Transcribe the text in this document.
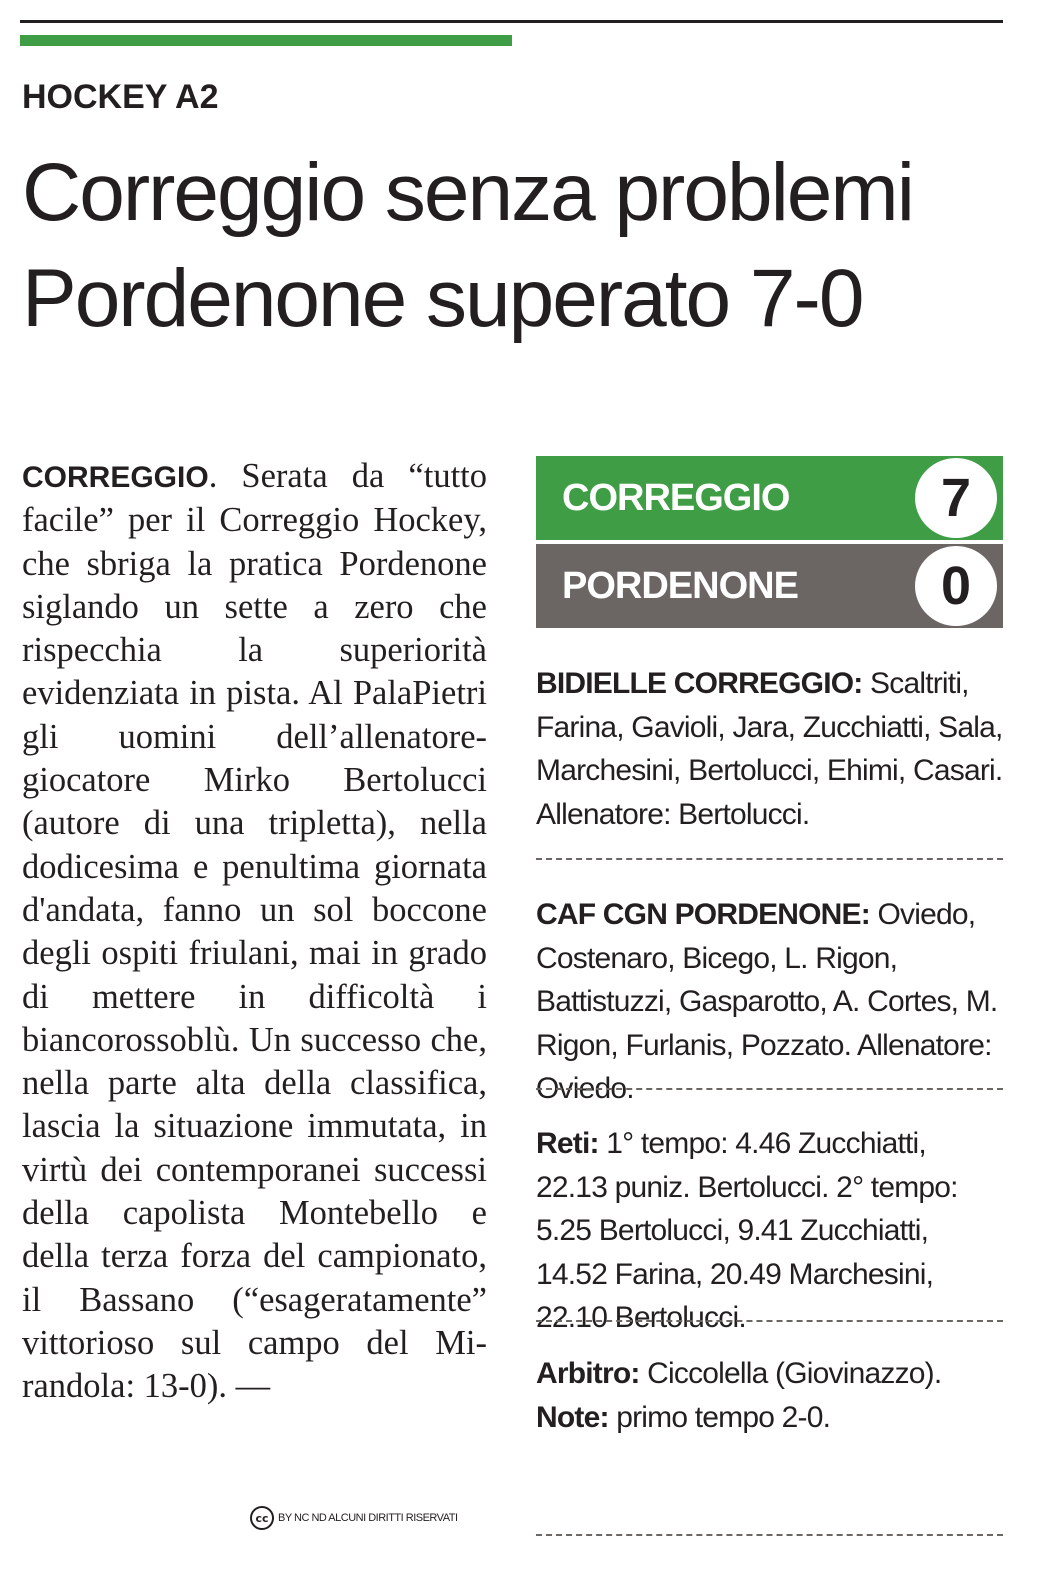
HOCKEY A2
Correggio senza problemi
Pordenone superato 7-0
CORREGGIO. Serata da “tutto facile” per il Correggio Hockey, che sbriga la pratica Pordenone siglando un sette a zero che rispecchia la superiorità evidenziata in pista. Al PalaPietri gli uomini dell’allenatore-giocatore Mirko Bertolucci (autore di una tripletta), nella dodicesima e penultima giornata d'andata, fanno un sol boccone degli ospiti friulani, mai in grado di mettere in difficoltà i biancorossoblù. Un successo che, nella parte alta della classifica, lascia la situazione immutata, in virtù dei contemporanei successi della capolista Montebello e della terza forza del campionato, il Bassano (“esageratamente” vittorioso sul campo del Mirandola: 13-0). —
cc BY NC ND ALCUNI DIRITTI RISERVATI
CORREGGIO	7
PORDENONE	0
BIDIELLE CORREGGIO: Scaltriti, Farina, Gavioli, Jara, Zucchiatti, Sala, Marchesini, Bertolucci, Ehimi, Casari. Allenatore: Bertolucci.
CAF CGN PORDENONE: Oviedo, Costenaro, Bicego, L. Rigon, Battistuzzi, Gasparotto, A. Cortes, M. Rigon, Furlanis, Pozzato. Allenatore: Oviedo.
Reti: 1° tempo: 4.46 Zucchiatti, 22.13 puniz. Bertolucci. 2° tempo: 5.25 Bertolucci, 9.41 Zucchiatti, 14.52 Farina, 20.49 Marchesini, 22.10 Bertolucci.
Arbitro: Ciccolella (Giovinazzo).
Note: primo tempo 2-0.
